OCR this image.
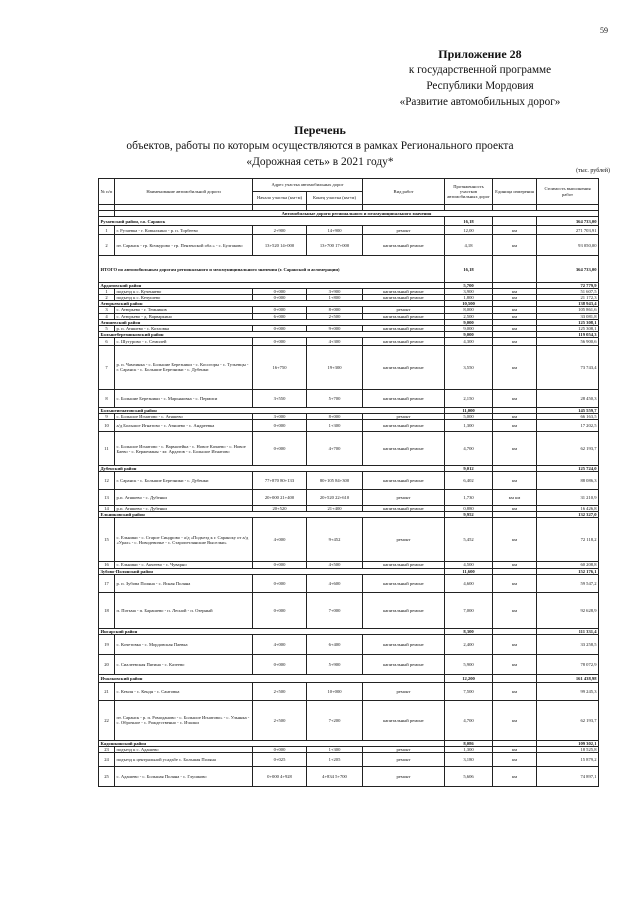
59
Приложение 28
к государственной программе
Республики Мордовия
«Развитие автомобильных дорог»
Перечень
объектов, работы по которым осуществляются в рамках Регионального проекта
«Дорожная сеть» в 2021 году*
(тыс. рублей)
№ п/п	Наименование автомобильной дороги	Адрес участка автомобильных дорог		Вид работ	Протяженность участков автомобильных дорог	Единица измерения	Стоимость выполнения работ
		Начало участка (км+м)	Конец участка (км+м)				

	Автомобильные дороги регионального и межмуниципального значения						
Рузаевский район, г.о. Саранск					16,18		364 733,00
1	г. Рузаевка - г. Ковылкино - р. п. Торбеево	2+900	14+900	ремонт	12,00	км	271 703,91
2	пт. Саранск - гр. Кочкурово - гр. Пензенской обл.» - с. Булгаково	13+520 14+000	13+700 17+000	капитальный ремонт	4,18	км	93 050,00
ИТОГО по автомобильным дорогам регионального и межмуниципального значения (г. Саранской и агломерации)					16,18		364 733,00
Ардатовский район					5,700		72 779,9
1	подъезд к с. Кученяево	0+000	3+900	капитальный ремонт	3,900	км	51 607,5
2	подъезд к с. Кечушево	0+000	1+800	капитальный ремонт	1,800	км	21 172,3
Атюрьевский район					10,500		138 943,4
3	с. Атюрьево - г. Темников	0+000	8+000	ремонт	8,000	км	105 861,6
4	с. Атюрьево - д. Варваркино	6+000	2+500	капитальный ремонт	2,500	км	33 081,8
Атяшевский район					9,000		125 308,1
5	р. п. Атяшево - с. Козловка	0+000	9+000	капитальный ремонт	9,000	км	125 308,1
Большеберезниковский район					9,000		119 054,3
6	с. Шугурово - с. Семилей	0+000	4+300	капитальный ремонт	4,300	км	56 900,6
7	р. п. Чамзинка - с. Большие Березники - с. Косогоры - с. Тузьевцы - г. Саранск - с. Большие Березники - с. Дубенки	16+750	19+300	капитальный ремонт	3,550	км	73 743,4
8	с. Большие Березники - с. Марьяновка - с. Пермиси	3+550	5+700	капитальный ремонт	2,150	км	28 450,3
Большеигнатовский район					11,000		145 559,7
9	с. Большое Игнатово - с. Атяшево	3+000	8+000	ремонт	5,000	км	66 163,5
10	а/д Большое Игнатово - с. Атяшево - с. Андреевка	0+000	1+300	капитальный ремонт	1,300	км	17 202,5
11	с. Большое Игнатово - с. Вармазейка - с. Новое Качаево - с. Новое Баево - с. Кержеманы - кт. Ардатов - с. Большое Игнатово	0+000	4+700	капитальный ремонт	4,700	км	62 193,7
Дубенский район					9,012		125 724,0
12	г. Саранск - с. Большие Березники - с. Дубенки	77+870 80+133	80+105 84+300	капитальный ремонт	6,402	км	88 086,3
13	р.п. Атяшево - с. Дубенки	20+000 21+400	20+520 22+610	ремонт	1,730	км км	31 210,9
14	р.п. Атяшево - с. Дубенки	20+520	21+400	капитальный ремонт	0,880	км	16 426,8
Ельниковский район					9,952		132 327,0
15	с. Ельники - с. Старое Синдрово - а/д «Подъезд к г. Саранску от а/д «Урал» - с. Новодевичье - с. Старопетлянские Выселки»	4+000	9+452	ремонт	5,452	км	72 118,2
16	с. Ельники - с. Акчеево - с. Чуварно	0+000	4+500	капитальный ремонт	4,500	км	60 208,8
Зубово-Полянский район					11,600		152 176,1
17	р. п. Зубова Поляна - с. Ясная Поляна	0+000	4+600	капитальный ремонт	4,600	км	59 547,2
18	п. Потьма - п. Барашево - п. Лесной - п. Озерный	0+000	7+000	капитальный ремонт	7,000	км	92 628,9
Инсарский район					8,300		111 331,4
19	с. Кочетовка - с. Мордовская Паевка	4+000	6+400	капитальный ремонт	2,400	км	33 258,5
20	с. Сиалеевская Пятина - с. Казеево	0+000	5+900	капитальный ремонт	5,900	км	78 072,9
Ичалковский район					12,200		161 438,98
21	с. Кемля - с. Кендя - с. Сантовка	2+500	10+000	ремонт	7,500	км	99 245,3
22	пт. Саранск - р. п. Ромоданово - с. Большое Игнатово» - с. Ульянка - с. Оброчное - с. Рождественно - с. Ичалки	2+500	7+200	капитальный ремонт	4,700	км	62 193,7
Кадошкинский район					8,086		109 302,1
23	подъезд к с. Адашево	0+000	1+300	ремонт	1,300	км	18 525,8
24	подъезд к центральной усадьбе с. Большая Поляна	0+025	1+205	ремонт	3,180	км	15 879,2
25	с. Адашево - с. Большая Поляна - с. Глушково	0+000 4+928	4+834 5+700	ремонт	5,606	км	74 897,1
